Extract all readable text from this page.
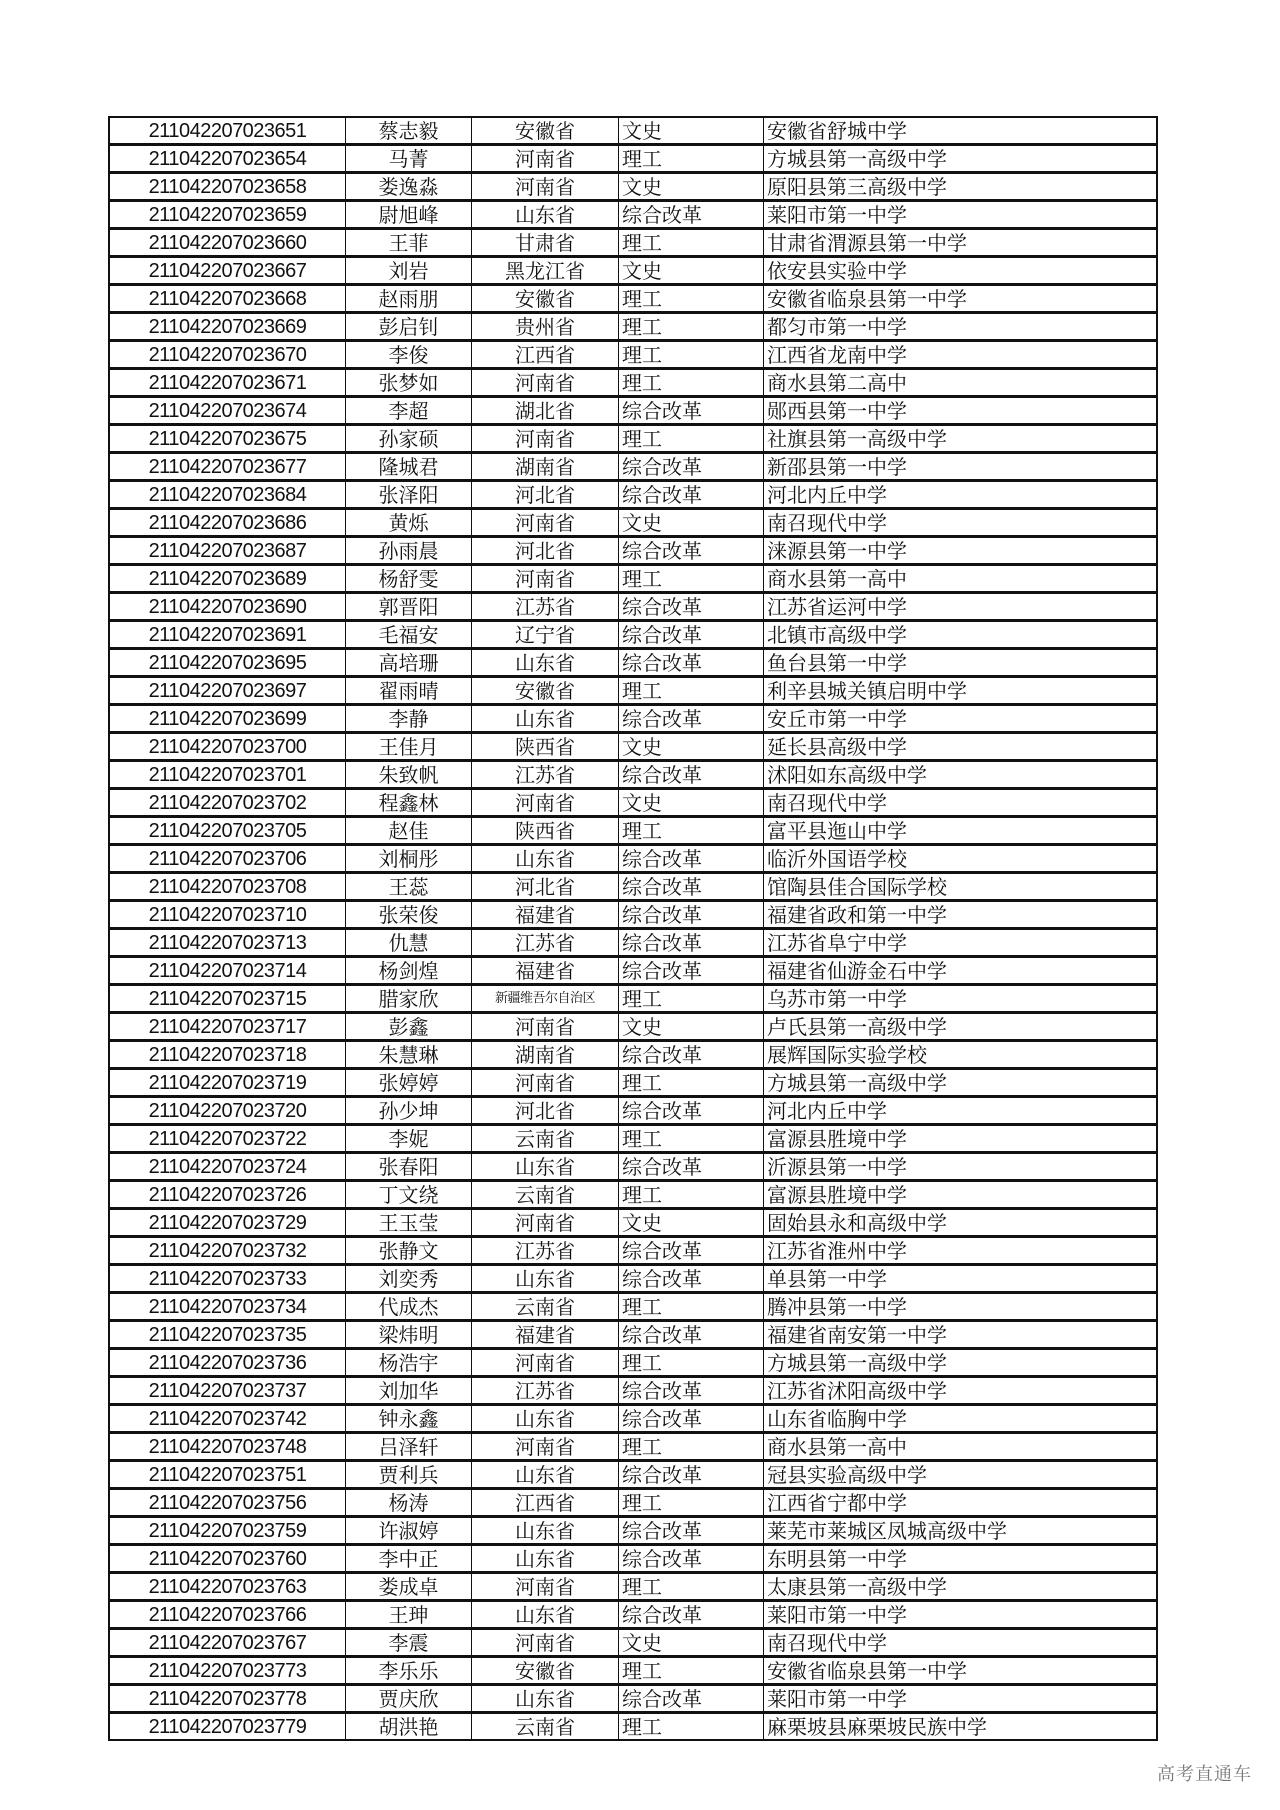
211042207023651	蔡志毅	安徽省	文史	安徽省舒城中学
211042207023654	马菁	河南省	理工	方城县第一高级中学
211042207023658	娄逸淼	河南省	文史	原阳县第三高级中学
211042207023659	尉旭峰	山东省	综合改革	莱阳市第一中学
211042207023660	王菲	甘肃省	理工	甘肃省渭源县第一中学
211042207023667	刘岩	黑龙江省	文史	依安县实验中学
211042207023668	赵雨朋	安徽省	理工	安徽省临泉县第一中学
211042207023669	彭启钊	贵州省	理工	都匀市第一中学
211042207023670	李俊	江西省	理工	江西省龙南中学
211042207023671	张梦如	河南省	理工	商水县第二高中
211042207023674	李超	湖北省	综合改革	郧西县第一中学
211042207023675	孙家硕	河南省	理工	社旗县第一高级中学
211042207023677	隆城君	湖南省	综合改革	新邵县第一中学
211042207023684	张泽阳	河北省	综合改革	河北内丘中学
211042207023686	黄烁	河南省	文史	南召现代中学
211042207023687	孙雨晨	河北省	综合改革	涞源县第一中学
211042207023689	杨舒雯	河南省	理工	商水县第一高中
211042207023690	郭晋阳	江苏省	综合改革	江苏省运河中学
211042207023691	毛福安	辽宁省	综合改革	北镇市高级中学
211042207023695	高培珊	山东省	综合改革	鱼台县第一中学
211042207023697	翟雨晴	安徽省	理工	利辛县城关镇启明中学
211042207023699	李静	山东省	综合改革	安丘市第一中学
211042207023700	王佳月	陕西省	文史	延长县高级中学
211042207023701	朱致帆	江苏省	综合改革	沭阳如东高级中学
211042207023702	程鑫林	河南省	文史	南召现代中学
211042207023705	赵佳	陕西省	理工	富平县迤山中学
211042207023706	刘桐彤	山东省	综合改革	临沂外国语学校
211042207023708	王蕊	河北省	综合改革	馆陶县佳合国际学校
211042207023710	张荣俊	福建省	综合改革	福建省政和第一中学
211042207023713	仇慧	江苏省	综合改革	江苏省阜宁中学
211042207023714	杨剑煌	福建省	综合改革	福建省仙游金石中学
211042207023715	腊家欣	新疆维吾尔自治区	理工	乌苏市第一中学
211042207023717	彭鑫	河南省	文史	卢氏县第一高级中学
211042207023718	朱慧琳	湖南省	综合改革	展辉国际实验学校
211042207023719	张婷婷	河南省	理工	方城县第一高级中学
211042207023720	孙少坤	河北省	综合改革	河北内丘中学
211042207023722	李妮	云南省	理工	富源县胜境中学
211042207023724	张春阳	山东省	综合改革	沂源县第一中学
211042207023726	丁文绕	云南省	理工	富源县胜境中学
211042207023729	王玉莹	河南省	文史	固始县永和高级中学
211042207023732	张静文	江苏省	综合改革	江苏省淮州中学
211042207023733	刘奕秀	山东省	综合改革	单县第一中学
211042207023734	代成杰	云南省	理工	腾冲县第一中学
211042207023735	梁炜明	福建省	综合改革	福建省南安第一中学
211042207023736	杨浩宇	河南省	理工	方城县第一高级中学
211042207023737	刘加华	江苏省	综合改革	江苏省沭阳高级中学
211042207023742	钟永鑫	山东省	综合改革	山东省临胸中学
211042207023748	吕泽轩	河南省	理工	商水县第一高中
211042207023751	贾利兵	山东省	综合改革	冠县实验高级中学
211042207023756	杨涛	江西省	理工	江西省宁都中学
211042207023759	许淑婷	山东省	综合改革	莱芜市莱城区凤城高级中学
211042207023760	李中正	山东省	综合改革	东明县第一中学
211042207023763	娄成卓	河南省	理工	太康县第一高级中学
211042207023766	王珅	山东省	综合改革	莱阳市第一中学
211042207023767	李震	河南省	文史	南召现代中学
211042207023773	李乐乐	安徽省	理工	安徽省临泉县第一中学
211042207023778	贾庆欣	山东省	综合改革	莱阳市第一中学
211042207023779	胡洪艳	云南省	理工	麻栗坡县麻栗坡民族中学
高考直通车
